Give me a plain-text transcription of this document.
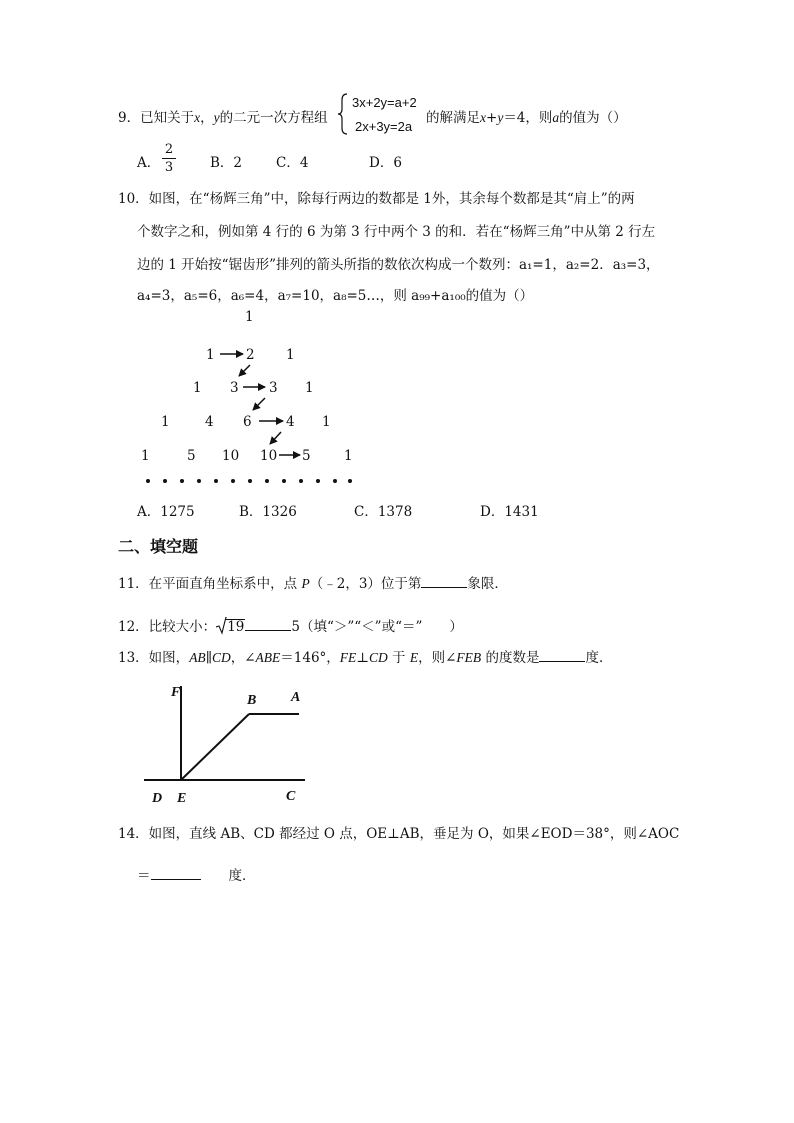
9．已知关于x，y的二元一次方程组
3x+2y=a+2
2x+3y=2a
的解满足x+y＝4，则a的值为（）
A．
2
3	B．2	C．4	D．6
10．如图，在“杨辉三角”中，除每行两边的数都是 1外，其余每个数都是其“肩上”的两
个数字之和，例如第 4 行的 6 为第 3 行中两个 3 的和．若在“杨辉三角”中从第 2 行左
边的 1 开始按“锯齿形”排列的箭头所指的数依次构成一个数列：a₁=1，a₂=2．a₃=3，
a₄=3，a₅=6，a₆=4，a₇=10，a₈=5…，则 a₉₉+a₁₀₀的值为（）
1
1 2 1
1 3 3 1
1	4 6	4 1
1	5 10 10 5 1
A．1275	B．1326	C．1378	D．1431
二、填空题
11．在平面直角坐标系中，点 P（﹣2，3）位于第	象限．
12．比较大小： 19	5（填“＞”“＜”或“＝”　　）
13．如图，AB∥CD，∠ABE＝146°，FE⊥CD 于 E，则∠FEB 的度数是	度．
F
B A
D E	C
14．如图，直线 AB、CD 都经过 O 点，OE⊥AB，垂足为 O，如果∠EOD＝38°，则∠AOC
＝	度．
